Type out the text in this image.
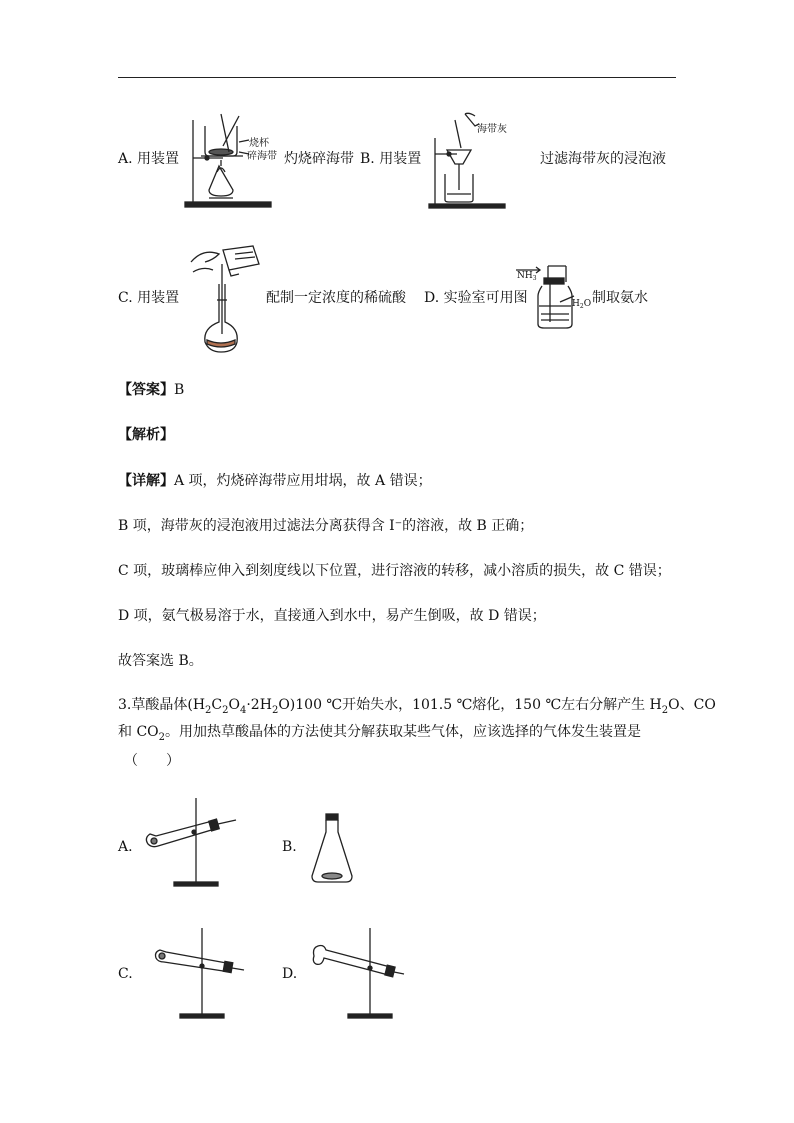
A. 用装置
烧杯
碎海带 灼烧碎海带 B. 用装置
海带灰
过滤海带灰的浸泡液
C. 用装置	配制一定浓度的稀硫酸 D. 实验室可用图
$NH_3$
$H_2O$ 制取氨水
【答案】B
【解析】
【详解】A 项，灼烧碎海带应用坩埚，故 A 错误；
B 项，海带灰的浸泡液用过滤法分离获得含 I⁻的溶液，故 B 正确；
C 项，玻璃棒应伸入到刻度线以下位置，进行溶液的转移，减小溶质的损失，故 C 错误；
D 项，氨气极易溶于水，直接通入到水中，易产生倒吸，故 D 错误；
故答案选 B。
3.草酸晶体$(H_2C_2O_4\cdot 2H_2O)100$ ℃开始失水，101.5 ℃熔化，150 ℃左右分解产生 $H_2O$、CO
和 $CO_2$。用加热草酸晶体的方法使其分解获取某些气体，应该选择的气体发生装置是
（　　）
A.	B.
C.	D.
